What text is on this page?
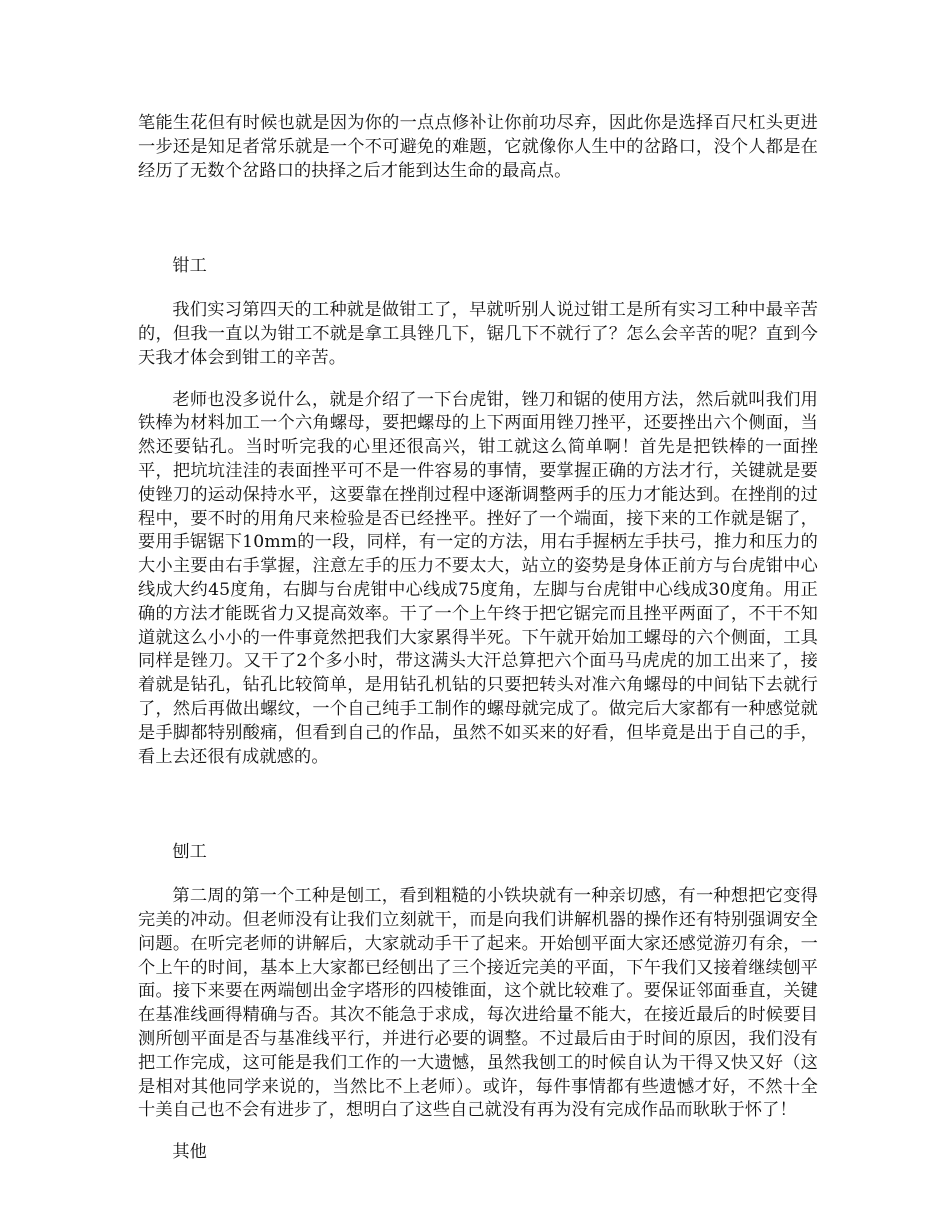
笔能生花但有时候也就是因为你的一点点修补让你前功尽弃，因此你是选择百尺杠头更进一步还是知足者常乐就是一个不可避免的难题，它就像你人生中的岔路口，没个人都是在经历了无数个岔路口的抉择之后才能到达生命的最高点。

钳工

我们实习第四天的工种就是做钳工了，早就听别人说过钳工是所有实习工种中最辛苦的，但我一直以为钳工不就是拿工具锉几下，锯几下不就行了？怎么会辛苦的呢？直到今天我才体会到钳工的辛苦。

老师也没多说什么，就是介绍了一下台虎钳，锉刀和锯的使用方法，然后就叫我们用铁棒为材料加工一个六角螺母，要把螺母的上下两面用锉刀挫平，还要挫出六个侧面，当然还要钻孔。当时听完我的心里还很高兴，钳工就这么简单啊！首先是把铁棒的一面挫平，把坑坑洼洼的表面挫平可不是一件容易的事情，要掌握正确的方法才行，关键就是要使锉刀的运动保持水平，这要靠在挫削过程中逐渐调整两手的压力才能达到。在挫削的过程中，要不时的用角尺来检验是否已经挫平。挫好了一个端面，接下来的工作就是锯了，要用手锯锯下10mm的一段，同样，有一定的方法，用右手握柄左手扶弓，推力和压力的大小主要由右手掌握，注意左手的压力不要太大，站立的姿势是身体正前方与台虎钳中心线成大约45度角，右脚与台虎钳中心线成75度角，左脚与台虎钳中心线成30度角。用正确的方法才能既省力又提高效率。干了一个上午终于把它锯完而且挫平两面了，不干不知道就这么小小的一件事竟然把我们大家累得半死。下午就开始加工螺母的六个侧面，工具同样是锉刀。又干了2个多小时，带这满头大汗总算把六个面马马虎虎的加工出来了，接着就是钻孔，钻孔比较简单，是用钻孔机钻的只要把转头对准六角螺母的中间钻下去就行了，然后再做出螺纹，一个自己纯手工制作的螺母就完成了。做完后大家都有一种感觉就是手脚都特别酸痛，但看到自己的作品，虽然不如买来的好看，但毕竟是出于自己的手，看上去还很有成就感的。

刨工

第二周的第一个工种是刨工，看到粗糙的小铁块就有一种亲切感，有一种想把它变得完美的冲动。但老师没有让我们立刻就干，而是向我们讲解机器的操作还有特别强调安全问题。在听完老师的讲解后，大家就动手干了起来。开始刨平面大家还感觉游刃有余，一个上午的时间，基本上大家都已经刨出了三个接近完美的平面，下午我们又接着继续刨平面。接下来要在两端刨出金字塔形的四棱锥面，这个就比较难了。要保证邻面垂直，关键在基准线画得精确与否。其次不能急于求成，每次进给量不能大，在接近最后的时候要目测所刨平面是否与基准线平行，并进行必要的调整。不过最后由于时间的原因，我们没有把工作完成，这可能是我们工作的一大遗憾，虽然我刨工的时候自认为干得又快又好（这是相对其他同学来说的，当然比不上老师）。或许，每件事情都有些遗憾才好，不然十全十美自己也不会有进步了，想明白了这些自己就没有再为没有完成作品而耿耿于怀了！

其他
